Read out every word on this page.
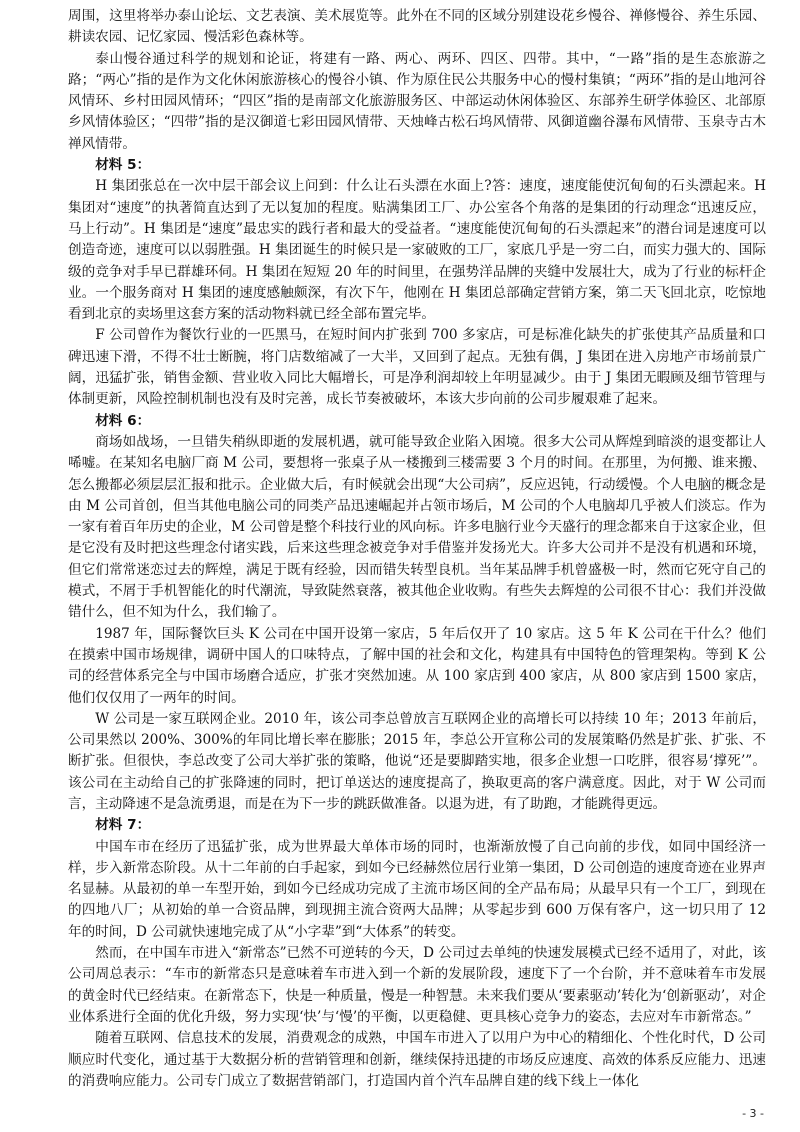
周围，这里将举办泰山论坛、文艺表演、美术展览等。此外在不同的区域分别建设花乡慢谷、禅修慢谷、养生乐园、耕读农园、记忆家园、慢活彩色森林等。

泰山慢谷通过科学的规划和论证，将建有一路、两心、两环、四区、四带。其中，“一路”指的是生态旅游之路；“两心”指的是作为文化休闲旅游核心的慢谷小镇、作为原住民公共服务中心的慢村集镇；“两环”指的是山地河谷风情环、乡村田园风情环；“四区”指的是南部文化旅游服务区、中部运动休闲体验区、东部养生研学体验区、北部原乡风情体验区；“四带”指的是汉御道七彩田园风情带、天烛峰古松石坞风情带、风御道幽谷瀑布风情带、玉泉寺古木禅风情带。

材料 5：

H 集团张总在一次中层干部会议上问到：什么让石头漂在水面上?答：速度，速度能使沉甸甸的石头漂起来。H 集团对“速度”的执著简直达到了无以复加的程度。贴满集团工厂、办公室各个角落的是集团的行动理念“迅速反应，马上行动”。H 集团是“速度”最忠实的践行者和最大的受益者。“速度能使沉甸甸的石头漂起来”的潜台词是速度可以创造奇迹，速度可以以弱胜强。H 集团诞生的时候只是一家破败的工厂，家底几乎是一穷二白，而实力强大的、国际级的竞争对手早已群雄环伺。H 集团在短短 20 年的时间里，在强势洋品牌的夹缝中发展壮大，成为了行业的标杆企业。一个服务商对 H 集团的速度感触颇深，有次下午，他刚在 H 集团总部确定营销方案，第二天飞回北京，吃惊地看到北京的卖场里这套方案的活动物料就已经全部布置完毕。

F 公司曾作为餐饮行业的一匹黑马，在短时间内扩张到 700 多家店，可是标准化缺失的扩张使其产品质量和口碑迅速下滑，不得不壮士断腕，将门店数缩减了一大半，又回到了起点。无独有偶，J 集团在进入房地产市场前景广阔，迅猛扩张，销售金额、营业收入同比大幅增长，可是净利润却较上年明显减少。由于 J 集团无暇顾及细节管理与体制更新，风险控制机制也没有及时完善，成长节奏被破坏，本该大步向前的公司步履艰难了起来。

材料 6：

商场如战场，一旦错失稍纵即逝的发展机遇，就可能导致企业陷入困境。很多大公司从辉煌到暗淡的退变都让人唏嘘。在某知名电脑厂商 M 公司，要想将一张桌子从一楼搬到三楼需要 3 个月的时间。在那里，为何搬、谁来搬、怎么搬都必须层层汇报和批示。企业做大后，有时候就会出现“大公司病”，反应迟钝，行动缓慢。个人电脑的概念是由 M 公司首创，但当其他电脑公司的同类产品迅速崛起并占领市场后，M 公司的个人电脑却几乎被人们淡忘。作为一家有着百年历史的企业，M 公司曾是整个科技行业的风向标。许多电脑行业今天盛行的理念都来自于这家企业，但是它没有及时把这些理念付诸实践，后来这些理念被竞争对手借鉴并发扬光大。许多大公司并不是没有机遇和环境，但它们常常迷恋过去的辉煌，满足于既有经验，因而错失转型良机。当年某品牌手机曾盛极一时，然而它死守自己的模式，不屑于手机智能化的时代潮流，导致陡然衰落，被其他企业收购。有些失去辉煌的公司很不甘心：我们并没做错什么，但不知为什么，我们输了。

1987 年，国际餐饮巨头 K 公司在中国开设第一家店，5 年后仅开了 10 家店。这 5 年 K 公司在干什么？他们在摸索中国市场规律，调研中国人的口味特点，了解中国的社会和文化，构建具有中国特色的管理架构。等到 K 公司的经营体系完全与中国市场磨合适应，扩张才突然加速。从 100 家店到 400 家店，从 800 家店到 1500 家店，他们仅仅用了一两年的时间。

W 公司是一家互联网企业。2010 年，该公司李总曾放言互联网企业的高增长可以持续 10 年；2013 年前后，公司果然以 200%、300%的年同比增长率在膨胀；2015 年，李总公开宣称公司的发展策略仍然是扩张、扩张、不断扩张。但很快，李总改变了公司大举扩张的策略，他说“还是要脚踏实地，很多企业想一口吃胖，很容易‘撑死’”。该公司在主动给自己的扩张降速的同时，把订单送达的速度提高了，换取更高的客户满意度。因此，对于 W 公司而言，主动降速不是急流勇退，而是在为下一步的跳跃做准备。以退为进，有了助跑，才能跳得更远。

材料 7：

中国车市在经历了迅猛扩张，成为世界最大单体市场的同时，也渐渐放慢了自己向前的步伐，如同中国经济一样，步入新常态阶段。从十二年前的白手起家，到如今已经赫然位居行业第一集团，D 公司创造的速度奇迹在业界声名显赫。从最初的单一车型开始，到如今已经成功完成了主流市场区间的全产品布局；从最早只有一个工厂，到现在的四地八厂；从初始的单一合资品牌，到现拥主流合资两大品牌；从零起步到 600 万保有客户，这一切只用了 12 年的时间，D 公司就快速地完成了从“小字辈”到“大体系”的转变。

然而，在中国车市进入“新常态”已然不可逆转的今天，D 公司过去单纯的快速发展模式已经不适用了，对此，该公司周总表示：“车市的新常态只是意味着车市进入到一个新的发展阶段，速度下了一个台阶，并不意味着车市发展的黄金时代已经结束。在新常态下，快是一种质量，慢是一种智慧。未来我们要从‘要素驱动’转化为‘创新驱动’，对企业体系进行全面的优化升级，努力实现‘快’与‘慢’的平衡，以更稳健、更具核心竞争力的姿态，去应对车市新常态。”

随着互联网、信息技术的发展，消费观念的成熟，中国车市进入了以用户为中心的精细化、个性化时代，D 公司顺应时代变化，通过基于大数据分析的营销管理和创新，继续保持迅捷的市场反应速度、高效的体系反应能力、迅速的消费响应能力。公司专门成立了数据营销部门，打造国内首个汽车品牌自建的线下线上一体化

- 3 -
